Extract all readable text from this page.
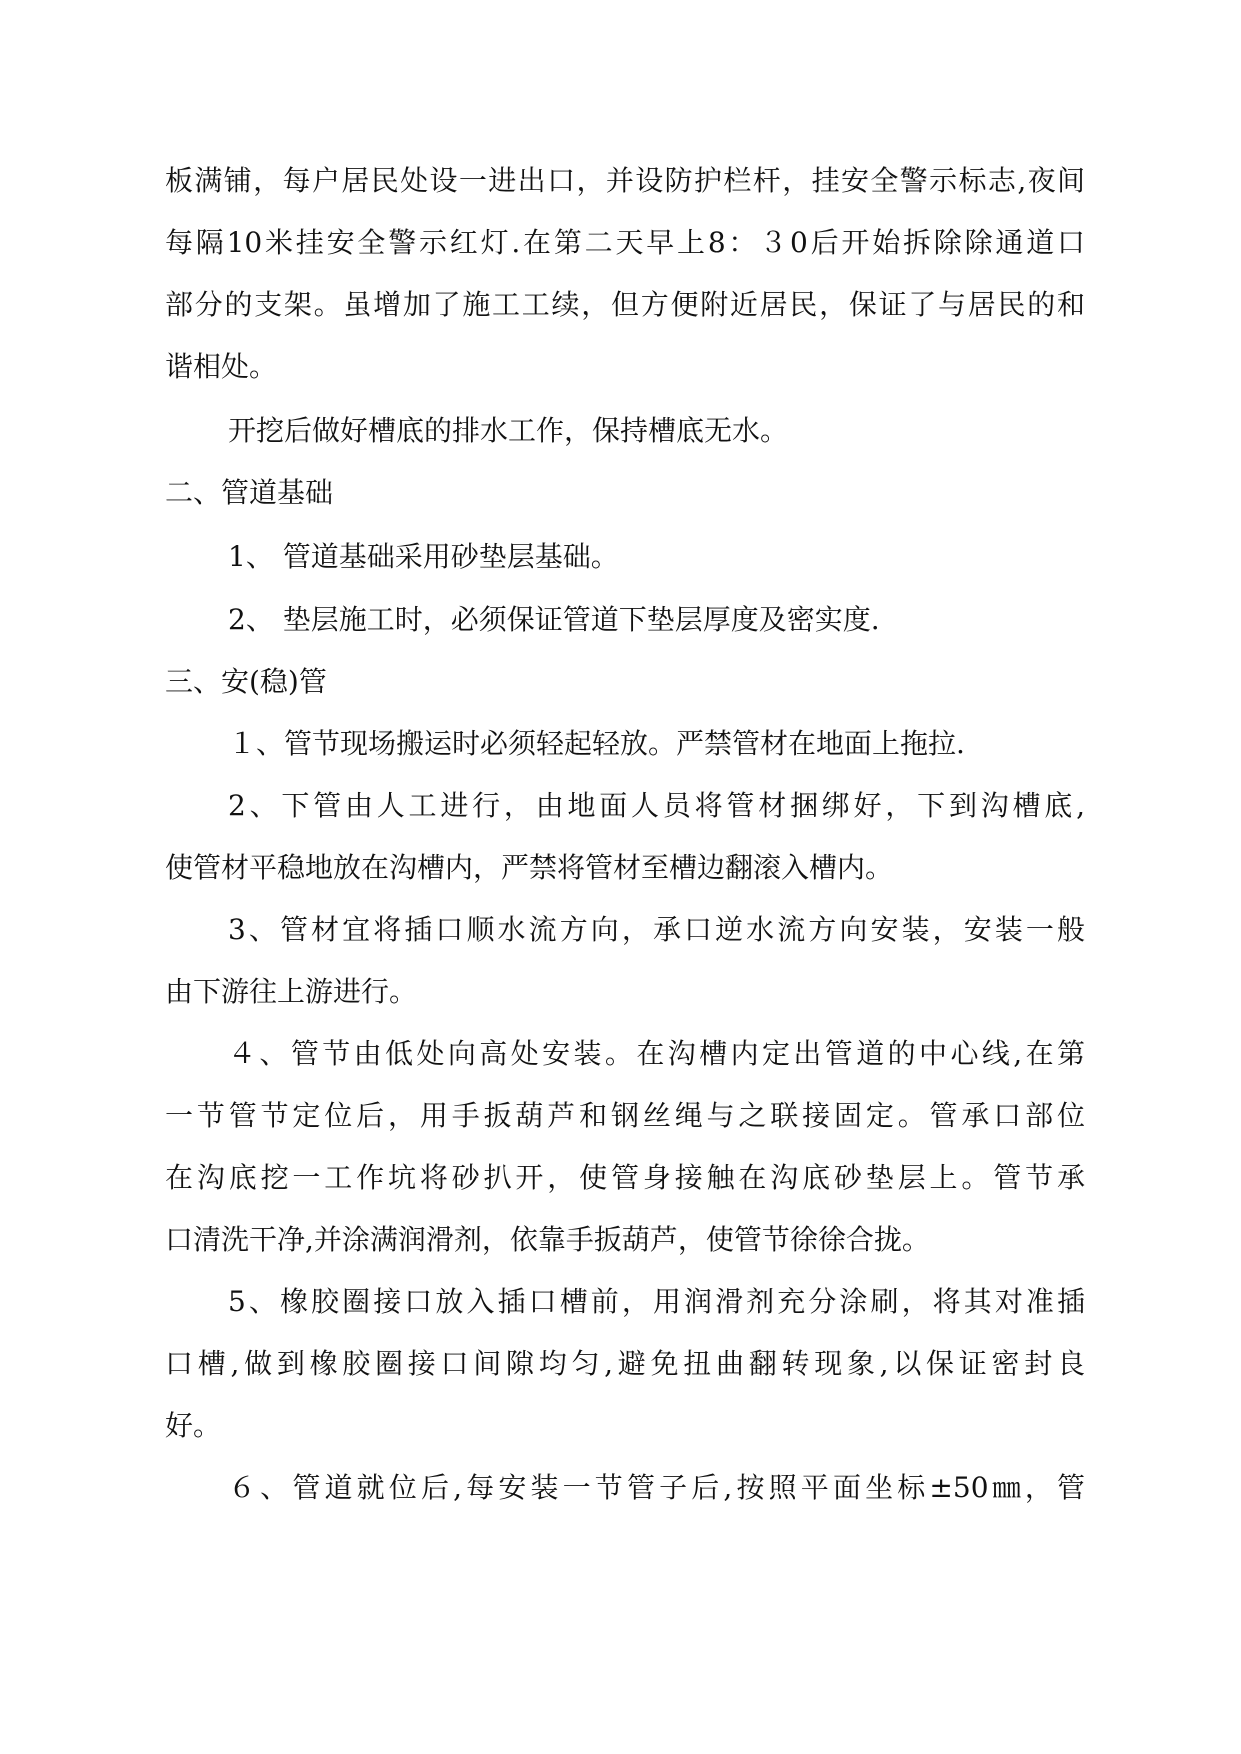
板满铺，每户居民处设一进出口，并设防护栏杆，挂安全警示标志,夜间
每隔10米挂安全警示红灯.在第二天早上8：３0后开始拆除除通道口
部分的支架。虽增加了施工工续，但方便附近居民，保证了与居民的和
谐相处。
开挖后做好槽底的排水工作，保持槽底无水。
二、管道基础
1、 管道基础采用砂垫层基础。
2、 垫层施工时，必须保证管道下垫层厚度及密实度.
三、安(稳)管
１、管节现场搬运时必须轻起轻放。严禁管材在地面上拖拉.
2、下管由人工进行，由地面人员将管材捆绑好，下到沟槽底,
使管材平稳地放在沟槽内，严禁将管材至槽边翻滚入槽内。
3、管材宜将插口顺水流方向，承口逆水流方向安装，安装一般
由下游往上游进行。
４、管节由低处向高处安装。在沟槽内定出管道的中心线,在第
一节管节定位后，用手扳葫芦和钢丝绳与之联接固定。管承口部位
在沟底挖一工作坑将砂扒开，使管身接触在沟底砂垫层上。管节承
口清洗干净,并涂满润滑剂，依靠手扳葫芦，使管节徐徐合拢。
5、橡胶圈接口放入插口槽前，用润滑剂充分涂刷，将其对准插
口槽,做到橡胶圈接口间隙均匀,避免扭曲翻转现象,以保证密封良
好。
６、管道就位后,每安装一节管子后,按照平面坐标±50㎜，管
